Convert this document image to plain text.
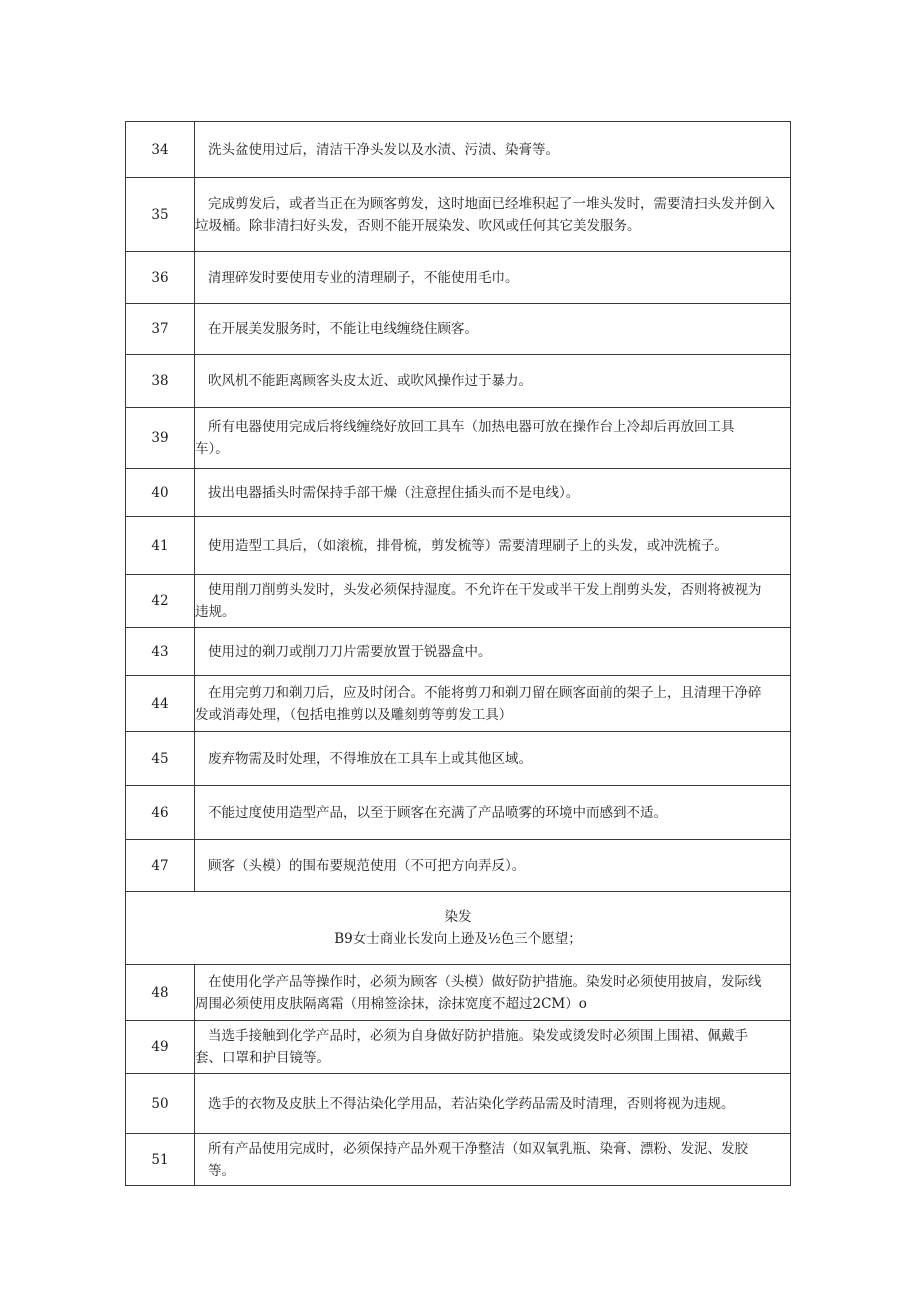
34	洗头盆使用过后，清洁干净头发以及水渍、污渍、染膏等。
35	完成剪发后，或者当正在为顾客剪发，这时地面已经堆积起了一堆头发时，需要清扫头发并倒入
垃圾桶。除非清扫好头发，否则不能开展染发、吹风或任何其它美发服务。
36	清理碎发时要使用专业的清理刷子，不能使用毛巾。
37	在开展美发服务时，不能让电线缠绕住顾客。
38	吹风机不能距离顾客头皮太近、或吹风操作过于暴力。
39	所有电器使用完成后将线缠绕好放回工具车（加热电器可放在操作台上冷却后再放回工具
车）。
40	拔出电器插头时需保持手部干燥（注意捏住插头而不是电线）。
41	使用造型工具后，（如滚梳，排骨梳，剪发梳等）需要清理刷子上的头发，或冲洗梳子。
42	使用削刀削剪头发时，头发必须保持湿度。不允许在干发或半干发上削剪头发，否则将被视为
违规。
43	使用过的剃刀或削刀刀片需要放置于锐器盒中。
44	在用完剪刀和剃刀后，应及时闭合。不能将剪刀和剃刀留在顾客面前的架子上，且清理干净碎
发或消毒处理，（包括电推剪以及雕刻剪等剪发工具）
45	废弃物需及时处理，不得堆放在工具车上或其他区域。
46	不能过度使用造型产品，以至于顾客在充满了产品喷雾的环境中而感到不适。
47	顾客（头模）的围布要规范使用（不可把方向弄反）。

染发
B9女士商业长发向上逊及½色三个愿望；	

48	在使用化学产品等操作时，必须为顾客（头模）做好防护措施。染发时必须使用披肩，发际线
周围必须使用皮肤隔离霜（用棉签涂抹，涂抹宽度不超过2CM）o
49	当选手接触到化学产品时，必须为自身做好防护措施。染发或烫发时必须围上围裙、佩戴手
套、口罩和护目镜等。
50	选手的衣物及皮肤上不得沾染化学用品，若沾染化学药品需及时清理，否则将视为违规。
51	所有产品使用完成时，必须保持产品外观干净整洁（如双氧乳瓶、染膏、漂粉、发泥、发胶
等。
